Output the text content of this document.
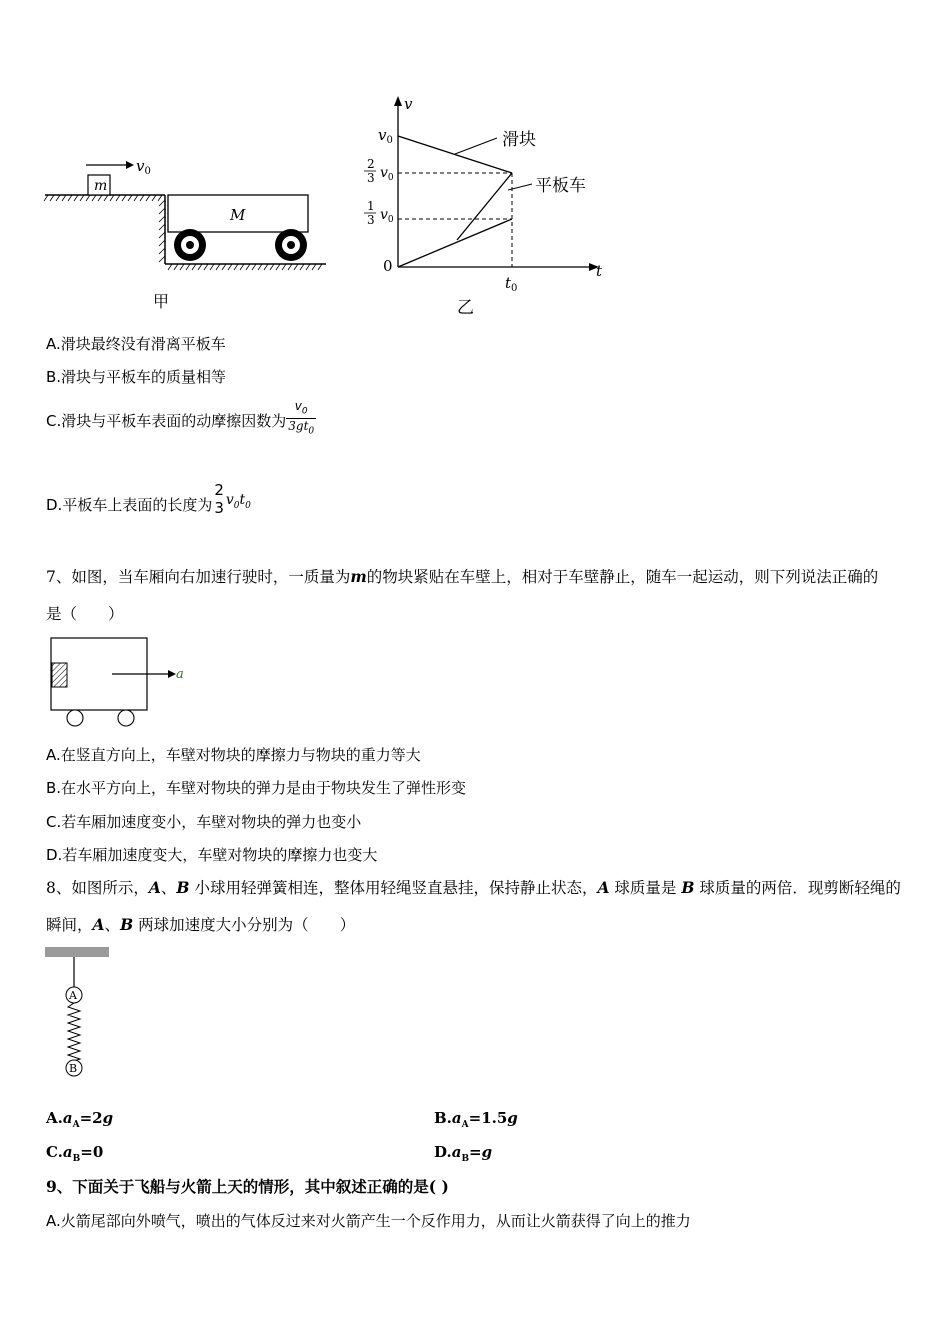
m
$v_0$
M
甲
v
t
0
$v_0$
2
3 $v_0$
1
3 $v_0$
滑块
平板车
$t_0$
乙
A.滑块最终没有滑离平板车
B.滑块与平板车的质量相等
C.滑块与平板车表面的动摩擦因数为 $\frac{v_0}{3gt_0}$
D.平板车上表面的长度为
2
3 $v_0t_0$
7、如图，当车厢向右加速行驶时，一质量为m的物块紧贴在车壁上，相对于车壁静止，随车一起运动，则下列说法正确的
是（　　）
a
A.在竖直方向上，车壁对物块的摩擦力与物块的重力等大
B.在水平方向上，车壁对物块的弹力是由于物块发生了弹性形变
C.若车厢加速度变小，车壁对物块的弹力也变小
D.若车厢加速度变大，车壁对物块的摩擦力也变大
8、如图所示，A、B 小球用轻弹簧相连，整体用轻绳竖直悬挂，保持静止状态，A 球质量是 B 球质量的两倍．现剪断轻绳的
瞬间，A、B 两球加速度大小分别为（　　）
A
B
$A.a_A=2g$	$B.a_A=1.5g$
$C.a_B=0$	$D.a_B=g$
9、下面关于飞船与火箭上天的情形，其中叙述正确的是( )
A.火箭尾部向外喷气，喷出的气体反过来对火箭产生一个反作用力，从而让火箭获得了向上的推力
